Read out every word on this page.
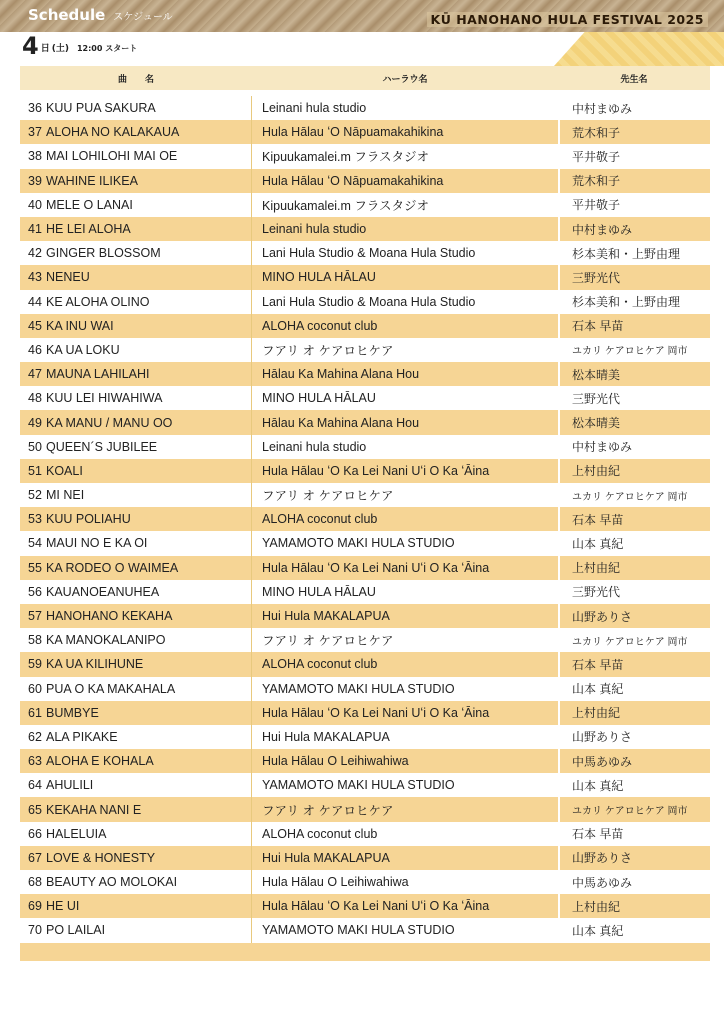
Schedule スケジュール	KŪ HANOHANO HULA FESTIVAL 2025
4 日 (土) 12:00 スタート
曲　　名	ハーラウ名	先生名
36 KUU PUA SAKURA	Leinani hula studio	中村まゆみ
37 ALOHA NO KALAKAUA	Hula Hālau ʻO Nāpuamakahikina	荒木和子
38 MAI LOHILOHI MAI OE	Kipuukamalei.m フラスタジオ	平井敬子
39 WAHINE ILIKEA	Hula Hālau ʻO Nāpuamakahikina	荒木和子
40 MELE O LANAI	Kipuukamalei.m フラスタジオ	平井敬子
41 HE LEI ALOHA	Leinani hula studio	中村まゆみ
42 GINGER BLOSSOM	Lani Hula Studio & Moana Hula Studio	杉本美和・上野由理
43 NENEU	MINO HULA HĀLAU	三野光代
44 KE ALOHA OLINO	Lani Hula Studio & Moana Hula Studio	杉本美和・上野由理
45 KA INU WAI	ALOHA coconut club	石本 早苗
46 KA UA LOKU	フアリ オ ケアロヒケア	ユカリ ケアロヒケア 岡市
47 MAUNA LAHILAHI	Hālau Ka Mahina Alana Hou	松本晴美
48 KUU LEI HIWAHIWA	MINO HULA HĀLAU	三野光代
49 KA MANU / MANU OO	Hālau Ka Mahina Alana Hou	松本晴美
50 QUEEN´S JUBILEE	Leinani hula studio	中村まゆみ
51 KOALI	Hula Hālau ʻO Ka Lei Nani Uʻi O Ka ʻĀina	上村由紀
52 MI NEI	フアリ オ ケアロヒケア	ユカリ ケアロヒケア 岡市
53 KUU POLIAHU	ALOHA coconut club	石本 早苗
54 MAUI NO E KA OI	YAMAMOTO MAKI HULA STUDIO	山本 真紀
55 KA RODEO O WAIMEA	Hula Hālau ʻO Ka Lei Nani Uʻi O Ka ʻĀina	上村由紀
56 KAUANOEANUHEA	MINO HULA HĀLAU	三野光代
57 HANOHANO KEKAHA	Hui Hula MAKALAPUA	山野ありさ
58 KA MANOKALANIPO	フアリ オ ケアロヒケア	ユカリ ケアロヒケア 岡市
59 KA UA KILIHUNE	ALOHA coconut club	石本 早苗
60 PUA O KA MAKAHALA	YAMAMOTO MAKI HULA STUDIO	山本 真紀
61 BUMBYE	Hula Hālau ʻO Ka Lei Nani Uʻi O Ka ʻĀina	上村由紀
62 ALA PIKAKE	Hui Hula MAKALAPUA	山野ありさ
63 ALOHA E KOHALA	Hula Hālau O Leihiwahiwa	中馬あゆみ
64 AHULILI	YAMAMOTO MAKI HULA STUDIO	山本 真紀
65 KEKAHA NANI E	フアリ オ ケアロヒケア	ユカリ ケアロヒケア 岡市
66 HALELUIA	ALOHA coconut club	石本 早苗
67 LOVE & HONESTY	Hui Hula MAKALAPUA	山野ありさ
68 BEAUTY AO MOLOKAI	Hula Hālau O Leihiwahiwa	中馬あゆみ
69 HE UI	Hula Hālau ʻO Ka Lei Nani Uʻi O Ka ʻĀina	上村由紀
70 PO LAILAI	YAMAMOTO MAKI HULA STUDIO	山本 真紀
